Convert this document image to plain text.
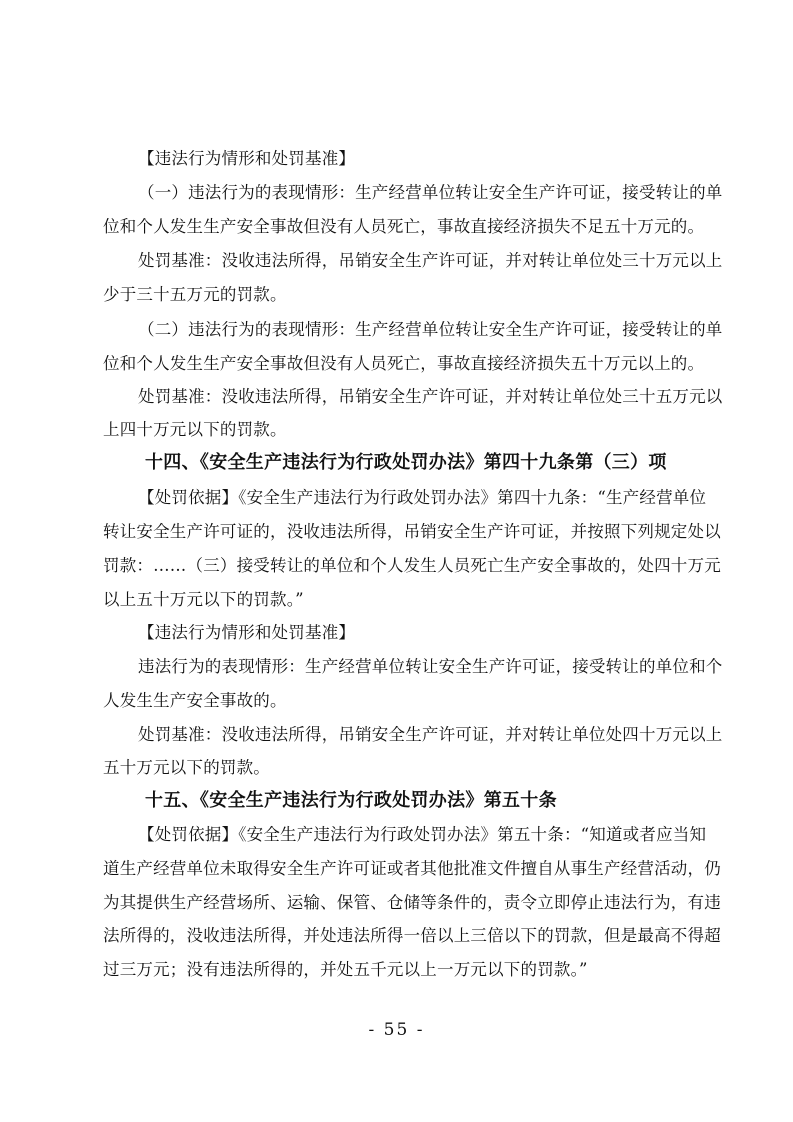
【违法行为情形和处罚基准】
（一）违法行为的表现情形：生产经营单位转让安全生产许可证，接受转让的单
位和个人发生生产安全事故但没有人员死亡，事故直接经济损失不足五十万元的。
处罚基准：没收违法所得，吊销安全生产许可证，并对转让单位处三十万元以上
少于三十五万元的罚款。
（二）违法行为的表现情形：生产经营单位转让安全生产许可证，接受转让的单
位和个人发生生产安全事故但没有人员死亡，事故直接经济损失五十万元以上的。
处罚基准：没收违法所得，吊销安全生产许可证，并对转让单位处三十五万元以
上四十万元以下的罚款。
十四、《安全生产违法行为行政处罚办法》第四十九条第（三）项
【处罚依据】《安全生产违法行为行政处罚办法》第四十九条：“生产经营单位
转让安全生产许可证的，没收违法所得，吊销安全生产许可证，并按照下列规定处以
罚款：……（三）接受转让的单位和个人发生人员死亡生产安全事故的，处四十万元
以上五十万元以下的罚款。”
【违法行为情形和处罚基准】
违法行为的表现情形：生产经营单位转让安全生产许可证，接受转让的单位和个
人发生生产安全事故的。
处罚基准：没收违法所得，吊销安全生产许可证，并对转让单位处四十万元以上
五十万元以下的罚款。
十五、《安全生产违法行为行政处罚办法》第五十条
【处罚依据】《安全生产违法行为行政处罚办法》第五十条：“知道或者应当知
道生产经营单位未取得安全生产许可证或者其他批准文件擅自从事生产经营活动，仍
为其提供生产经营场所、运输、保管、仓储等条件的，责令立即停止违法行为，有违
法所得的，没收违法所得，并处违法所得一倍以上三倍以下的罚款，但是最高不得超
过三万元；没有违法所得的，并处五千元以上一万元以下的罚款。”
- 55 -
